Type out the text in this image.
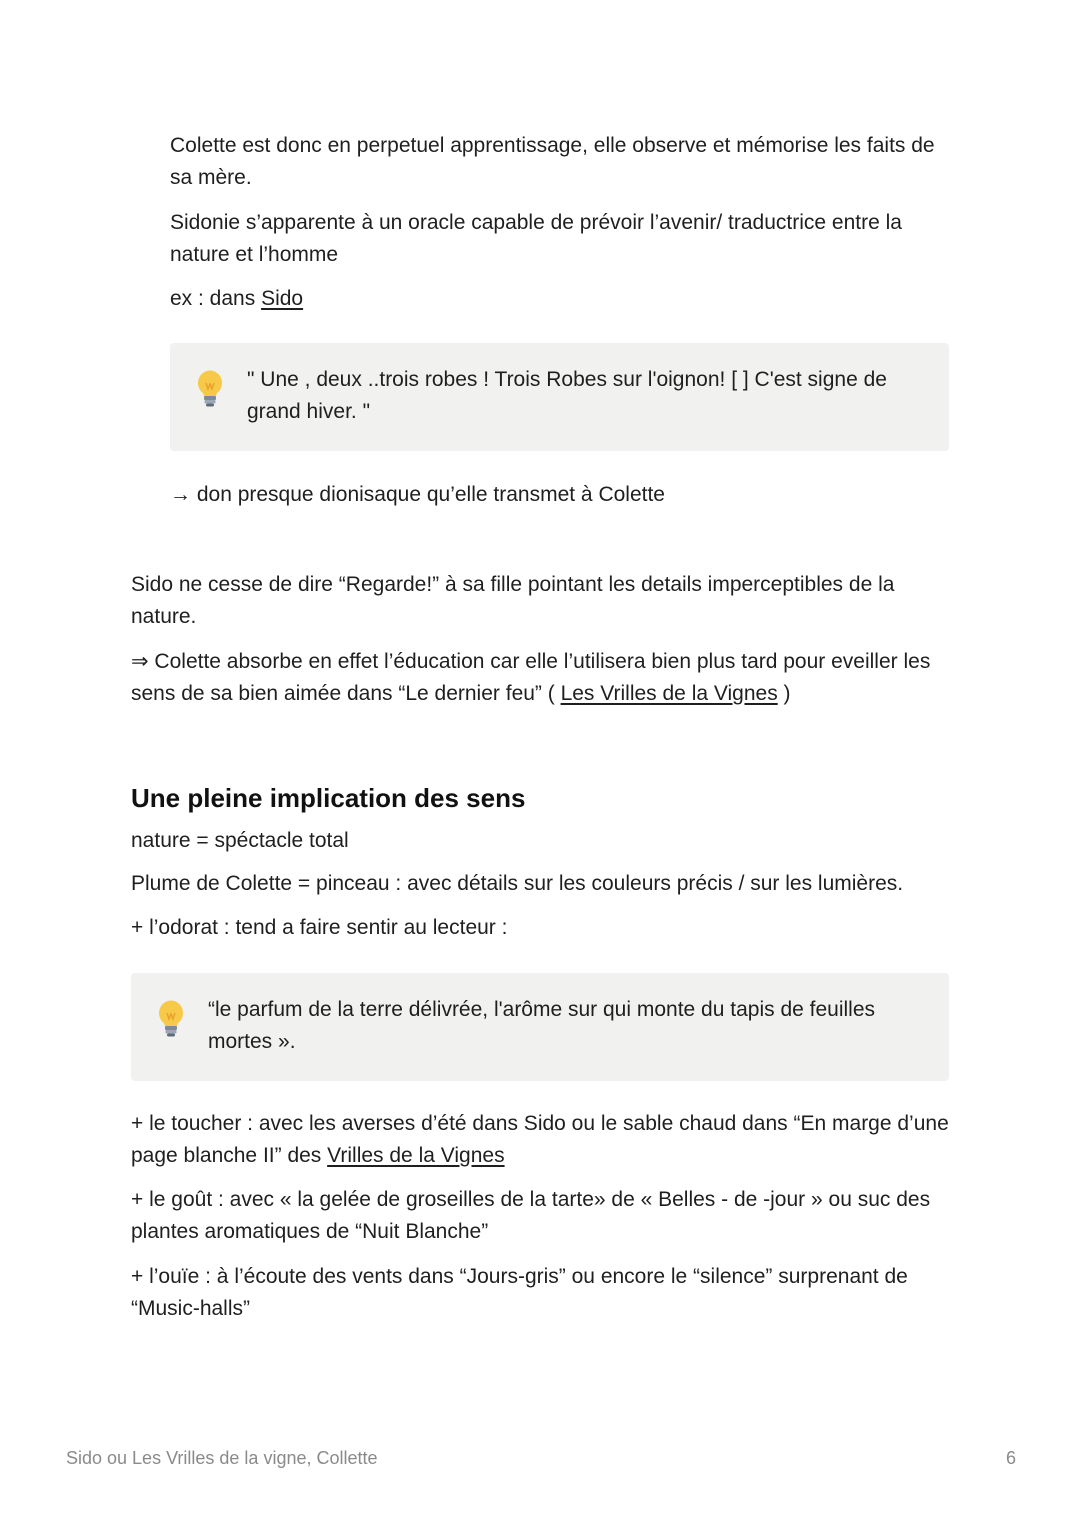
Colette est donc en perpetuel apprentissage, elle observe et mémorise les faits de sa mère.

Sidonie s’apparente à un oracle capable de prévoir l’avenir/ traductrice entre la nature et l’homme

ex : dans Sido

" Une , deux ..trois robes ! Trois Robes sur l'oignon! [ ] C'est signe de grand hiver. "

→ don presque dionisaque qu’elle transmet à Colette

Sido ne cesse de dire “Regarde!” à sa fille pointant les details imperceptibles de la nature.

⇒ Colette absorbe en effet l’éducation car elle l’utilisera bien plus tard pour eveiller les sens de sa bien aimée dans “Le dernier feu” ( Les Vrilles de la Vignes )

Une pleine implication des sens

nature = spéctacle total

Plume de Colette = pinceau : avec détails sur les couleurs précis / sur les lumières.

+ l’odorat : tend a faire sentir au lecteur :

“le parfum de la terre délivrée, l'arôme sur qui monte du tapis de feuilles mortes ».

+ le toucher : avec les averses d’été dans Sido ou le sable chaud dans “En marge d’une page blanche II” des Vrilles de la Vignes

+ le goût : avec « la gelée de groseilles de la tarte» de « Belles - de -jour » ou suc des plantes aromatiques de “Nuit Blanche”

+ l’ouïe : à l’écoute des vents dans “Jours-gris” ou encore le “silence” surprenant de “Music-halls”

Sido ou Les Vrilles de la vigne, Collette	6
